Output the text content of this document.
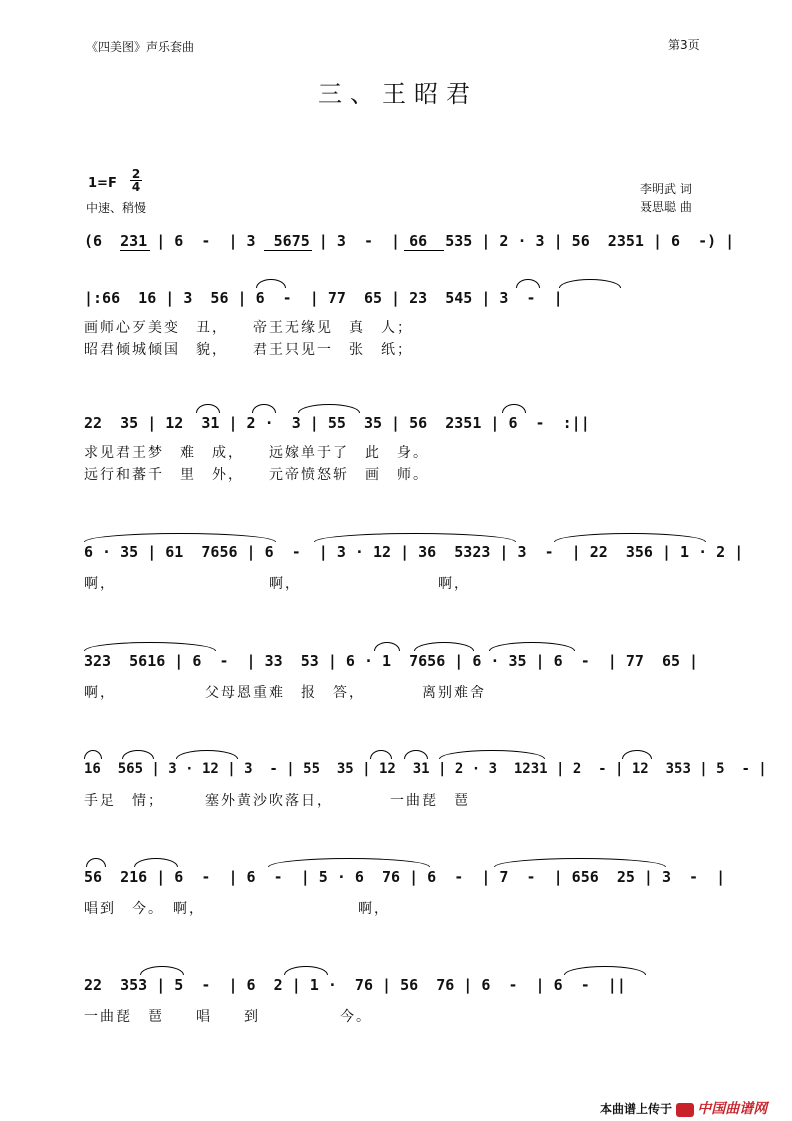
《四美图》声乐套曲	第3页
三、王昭君
$1=F \frac{2}{4}$
中速、稍慢
李明武 词
聂思聪 曲
(6  231 | 6  -  | 3  5675 | 3  -  | 66  535 | 2 · 3 | 56  2351 | 6  -) |
|:66  16 | 3  56 | 6  -  | 77  65 | 23  545 | 3  -  |
画师心歹美变　丑，　　帝王无缘见　真　人；
昭君倾城倾国　貌，　　君王只见一　张　纸；
22  35 | 12  31 | 2 ·  3 | 55  35 | 56  2351 | 6  -  :||
求见君王梦　难　成，　　远嫁单于了　此　身。
远行和蕃千　里　外，　　元帝愤怒斩　画　师。
6 · 35 | 61  7656 | 6  -  | 3 · 12 | 36  5323 | 3  -  | 22  356 | 1 · 2 |
啊，　　　　　　　　　　啊，　　　　　　　　　啊，
323  5616 | 6  -  | 33  53 | 6 · 1  7656 | 6 · 35 | 6  -  | 77  65 |
啊，　　　　　　父母恩重难　报　答，　　　　离别难舍
16  565 | 3 · 12 | 3  - | 55  35 | 12  31 | 2 · 3  1231 | 2  - | 12  353 | 5  - |
手足　情；　　　塞外黄沙吹落日，　　　　一曲琵　琶
56  216 | 6  -  | 6  -  | 5 · 6  76 | 6  -  | 7  -  | 656  25 | 3  -  |
唱到　今。　啊，　　　　　　　　　　啊，
22  353 | 5  -  | 6  2 | 1 ·  76 | 56  76 | 6  -  | 6  -  ||
一曲琵　琶　　唱　　到　　　　　今。
本曲谱上传于 中国曲谱网
